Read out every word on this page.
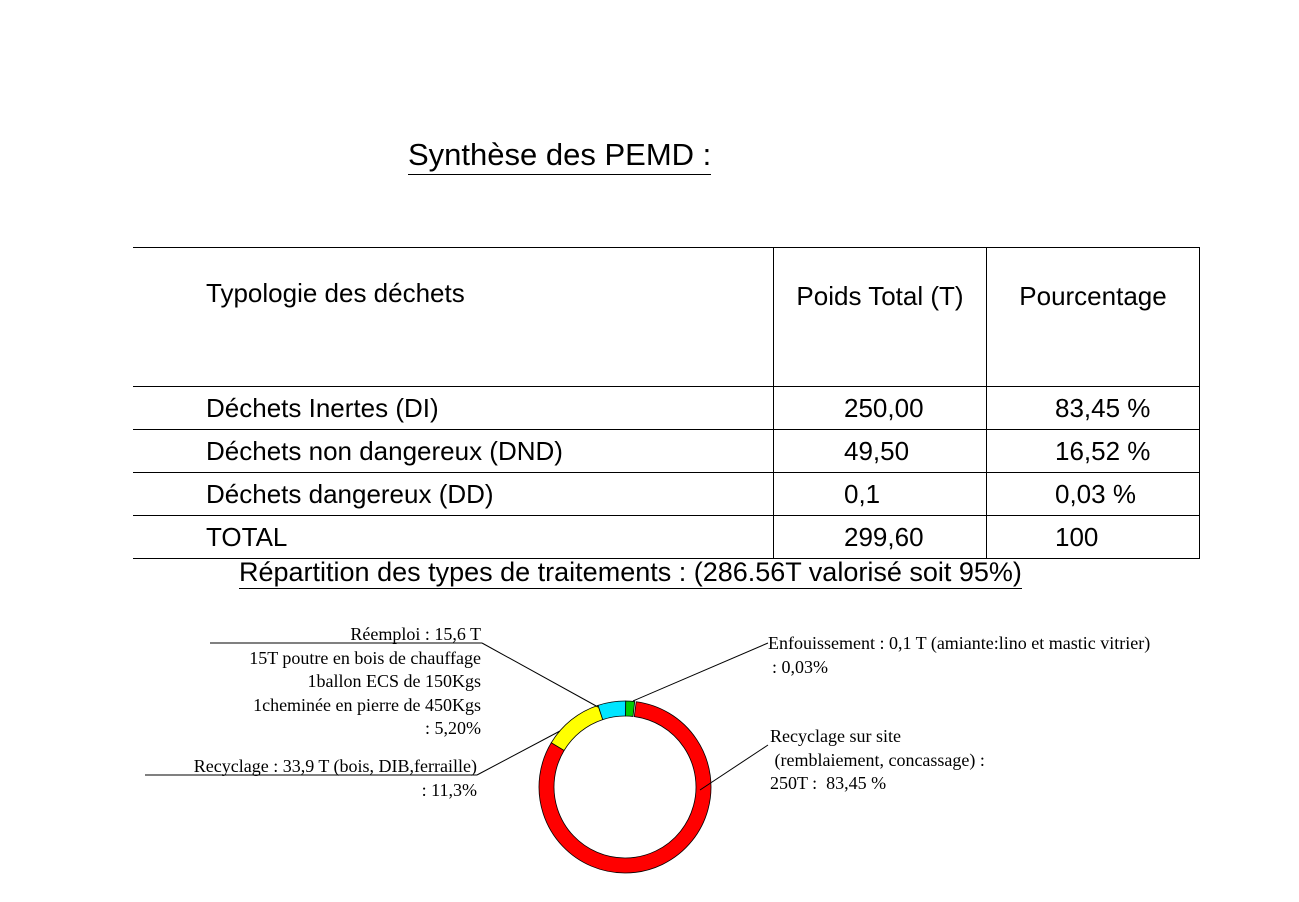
Synthèse des PEMD :
Typologie des déchets	Poids Total (T)	Pourcentage
Déchets Inertes (DI)	250,00	83,45 %
Déchets non dangereux (DND)	49,50	16,52 %
Déchets dangereux (DD)	0,1	0,03 %
TOTAL	299,60	100
Répartition des types de traitements : (286.56T valorisé soit 95%)
Réemploi : 15,6 T
15T poutre en bois de chauffage
1ballon ECS de 150Kgs
1cheminée en pierre de 450Kgs
: 5,20%
Recyclage : 33,9 T (bois, DIB,ferraille)
: 11,3%
Enfouissement : 0,1 T (amiante:lino et mastic vitrier)
: 0,03%
Recyclage sur site
(remblaiement, concassage) :
250T :  83,45 %
